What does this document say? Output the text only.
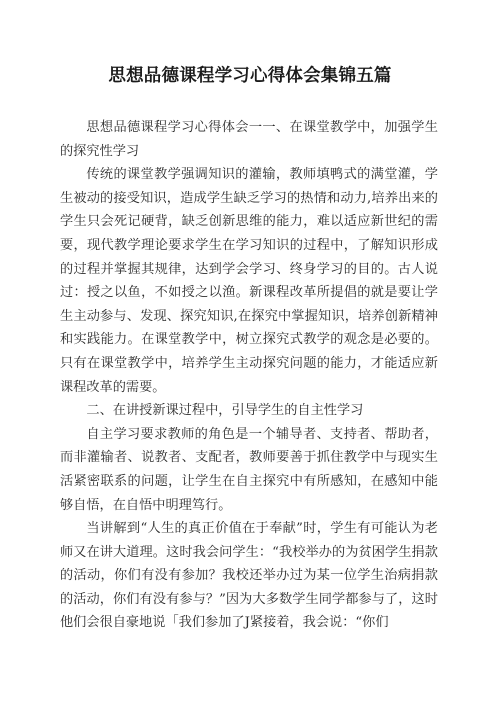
思想品德课程学习心得体会集锦五篇

思想品德课程学习心得体会一一、在课堂教学中，加强学生的探究性学习

传统的课堂教学强调知识的灌输，教师填鸭式的满堂灌，学生被动的接受知识，造成学生缺乏学习的热情和动力,培养出来的学生只会死记硬背，缺乏创新思维的能力，难以适应新世纪的需要，现代教学理论要求学生在学习知识的过程中，了解知识形成的过程并掌握其规律，达到学会学习、终身学习的目的。古人说过：授之以鱼，不如授之以渔。新课程改革所提倡的就是要让学生主动参与、发现、探究知识,在探究中掌握知识，培养创新精神和实践能力。在课堂教学中，树立探究式教学的观念是必要的。只有在课堂教学中，培养学生主动探究问题的能力，才能适应新课程改革的需要。

二、在讲授新课过程中，引导学生的自主性学习

自主学习要求教师的角色是一个辅导者、支持者、帮助者，而非灌输者、说教者、支配者，教师要善于抓住教学中与现实生活紧密联系的问题，让学生在自主探究中有所感知，在感知中能够自悟，在自悟中明理笃行。

当讲解到“人生的真正价值在于奉献”时，学生有可能认为老师又在讲大道理。这时我会问学生：“我校举办的为贫困学生捐款的活动，你们有没有参加？我校还举办过为某一位学生治病捐款的活动，你们有没有参与？”因为大多数学生同学都参与了，这时他们会很自豪地说「我们参加了J紧接着，我会说：“你们
